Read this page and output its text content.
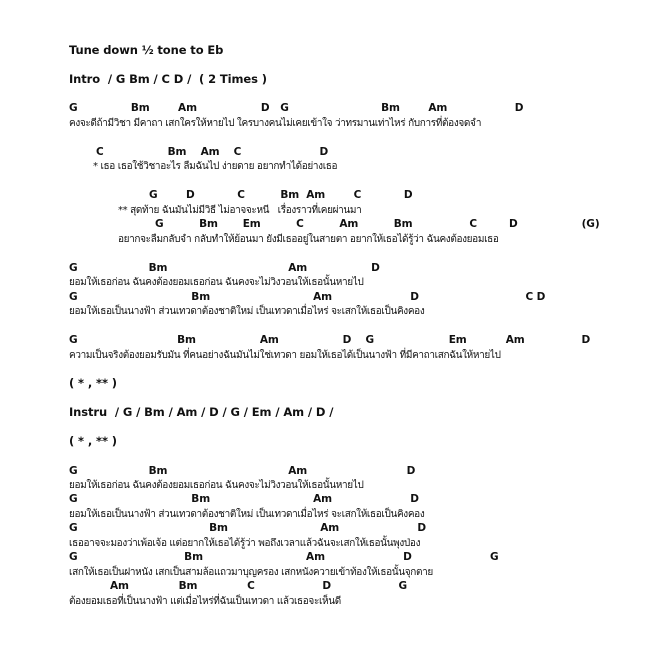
Tune down ½ tone to Eb
Intro  / G Bm / C D /  ( 2 Times )
G               Bm        Am                  D   G                          Bm        Am                   D
คงจะดีถ้ามีวิชา มีคาถา เสกใครให้หายไป ใครบางคนไม่เคยเข้าใจ ว่าทรมานเท่าไหร่ กับการที่ต้องจดจำ
C                  Bm    Am    C                      D
* เธอ เธอใช้วิชาอะไร ลืมฉันไป ง่ายดาย อยากทำได้อย่างเธอ
G        D            C          Bm  Am        C            D
** สุดท้าย ฉันมันไม่มีวิธี ไม่อาจจะหนี   เรื่องราวที่เคยผ่านมา
G          Bm       Em          C          Am          Bm                C         D                  (G)
อยากจะลืมกลับจำ กลับทำให้ย้อนมา ยังมีเธออยู่ในสายตา อยากให้เธอได้รู้ว่า ฉันคงต้องยอมเธอ
G                    Bm                                  Am                  D
ยอมให้เธอก่อน ฉันคงต้องยอมเธอก่อน ฉันคงจะไม่วิงวอนให้เธอนั้นหายไป
G                                Bm                             Am                      D                              C D
ยอมให้เธอเป็นนางฟ้า ส่วนเทวดาต้องชาติใหม่ เป็นเทวดาเมื่อไหร่ จะเสกให้เธอเป็นคิงคอง
G                            Bm                  Am                  D    G                     Em           Am                D
ความเป็นจริงต้องยอมรับมัน ที่คนอย่างฉันมันไม่ใช่เทวดา ยอมให้เธอได้เป็นนางฟ้า ที่มีคาถาเสกฉันให้หายไป
( * , ** )
Instru  / G / Bm / Am / D / G / Em / Am / D /
( * , ** )
G                    Bm                                  Am                            D
ยอมให้เธอก่อน ฉันคงต้องยอมเธอก่อน ฉันคงจะไม่วิงวอนให้เธอนั้นหายไป
G                                Bm                             Am                      D
ยอมให้เธอเป็นนางฟ้า ส่วนเทวดาต้องชาติใหม่ เป็นเทวดาเมื่อไหร่ จะเสกให้เธอเป็นคิงคอง
G                                     Bm                          Am                      D
เธออาจจะมองว่าเพ้อเจ้อ แต่อยากให้เธอได้รู้ว่า พอถึงเวลาแล้วฉันจะเสกให้เธอนั้นพุงป่อง
G                              Bm                             Am                      D                      G
เสกให้เธอเป็นฝาหนัง เสกเป็นสามล้อแถวมาบุญครอง เสกหนังควายเข้าท้องให้เธอนั้นจุกตาย
Am              Bm              C                   D                   G
ต้องยอมเธอที่เป็นนางฟ้า แต่เมื่อไหร่ที่ฉันเป็นเทวดา แล้วเธอจะเห็นดี
